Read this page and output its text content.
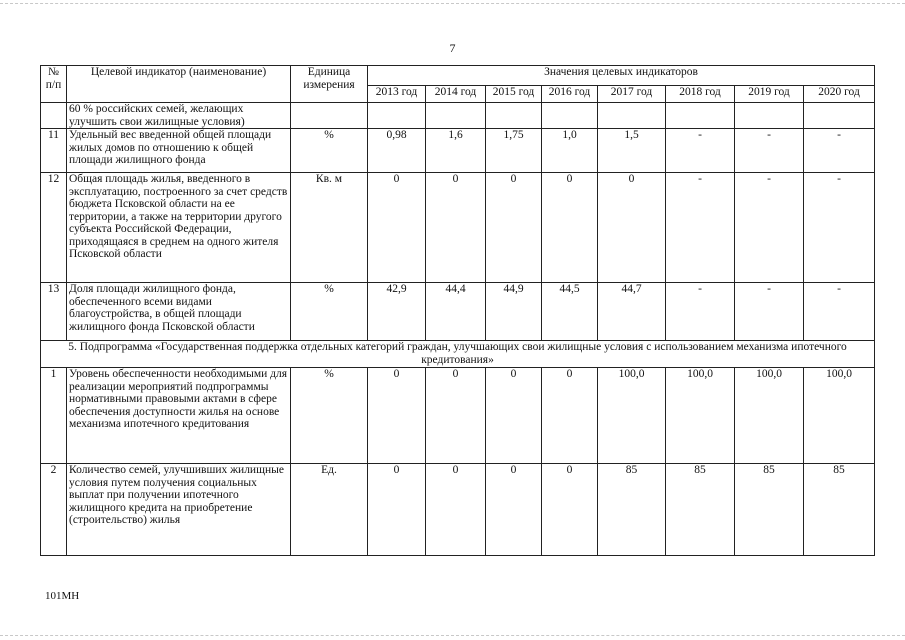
7
№ п/п	Целевой индикатор (наименование)	Единица измерения	Значения целевых индикаторов							
			2013 год	2014 год	2015 год	2016 год	2017 год	2018 год	2019 год	2020 год
	60 % российских семей, желающих улучшить свои жилищные условия)									
11	Удельный вес введенной общей площади жилых домов по отношению к общей площади жилищного фонда	%	0,98	1,6	1,75	1,0	1,5	-	-	-
12	Общая площадь жилья, введенного в эксплуатацию, построенного за счет средств бюджета Псковской области на ее территории, а также на территории другого субъекта Российской Федерации, приходящаяся в среднем на одного жителя Псковской области	Кв. м	0	0	0	0	0	-	-	-
13	Доля площади жилищного фонда, обеспеченного всеми видами благоустройства, в общей площади жилищного фонда Псковской области	%	42,9	44,4	44,9	44,5	44,7	-	-	-
5. Подпрограмма «Государственная поддержка отдельных категорий граждан, улучшающих свои жилищные условия с использованием механизма ипотечного кредитования»										
1	Уровень обеспеченности необходимыми для реализации мероприятий подпрограммы нормативными правовыми актами в сфере обеспечения доступности жилья на основе механизма ипотечного кредитования	%	0	0	0	0	100,0	100,0	100,0	100,0
2	Количество семей, улучшивших жилищные условия путем получения социальных выплат при получении ипотечного жилищного кредита на приобретение (строительство) жилья	Ед.	0	0	0	0	85	85	85	85
101МН
